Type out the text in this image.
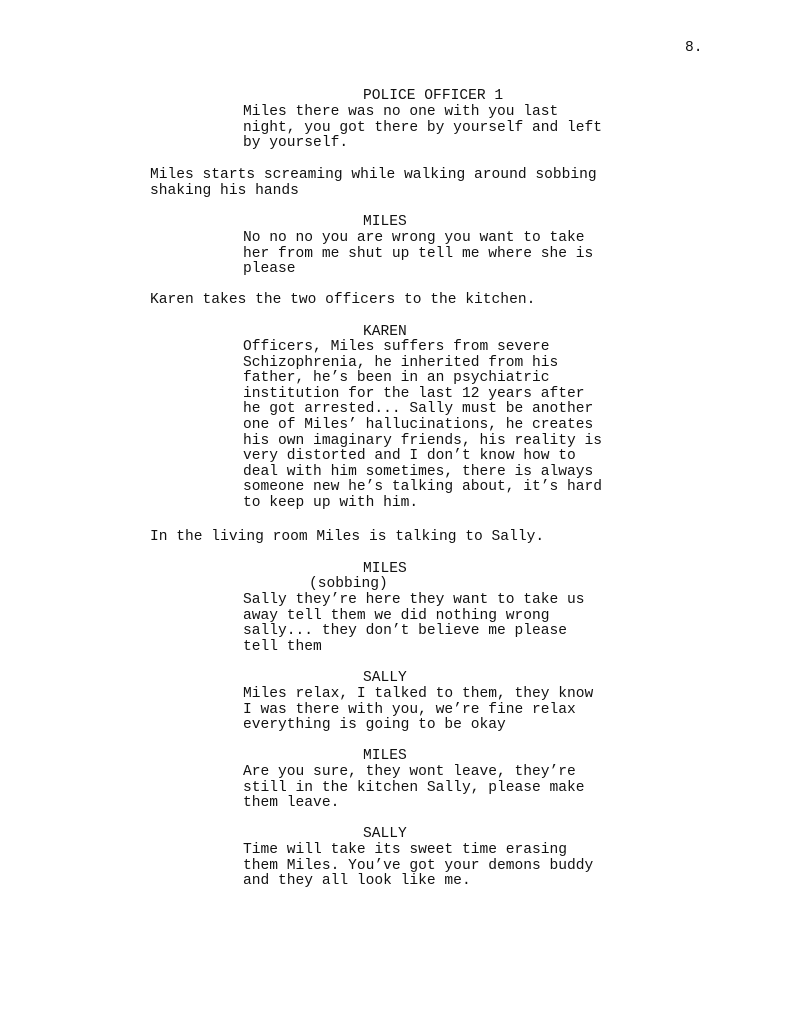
8.
POLICE OFFICER 1
Miles there was no one with you last
night, you got there by yourself and left
by yourself.
Miles starts screaming while walking around sobbing
shaking his hands
MILES
No no no you are wrong you want to take
her from me shut up tell me where she is
please
Karen takes the two officers to the kitchen.
KAREN
Officers, Miles suffers from severe
Schizophrenia, he inherited from his
father, he’s been in an psychiatric
institution for the last 12 years after
he got arrested... Sally must be another
one of Miles’ hallucinations, he creates
his own imaginary friends, his reality is
very distorted and I don’t know how to
deal with him sometimes, there is always
someone new he’s talking about, it’s hard
to keep up with him.
In the living room Miles is talking to Sally.
MILES
(sobbing)
Sally they’re here they want to take us
away tell them we did nothing wrong
sally... they don’t believe me please
tell them
SALLY
Miles relax, I talked to them, they know
I was there with you, we’re fine relax
everything is going to be okay
MILES
Are you sure, they wont leave, they’re
still in the kitchen Sally, please make
them leave.
SALLY
Time will take its sweet time erasing
them Miles. You’ve got your demons buddy
and they all look like me.
